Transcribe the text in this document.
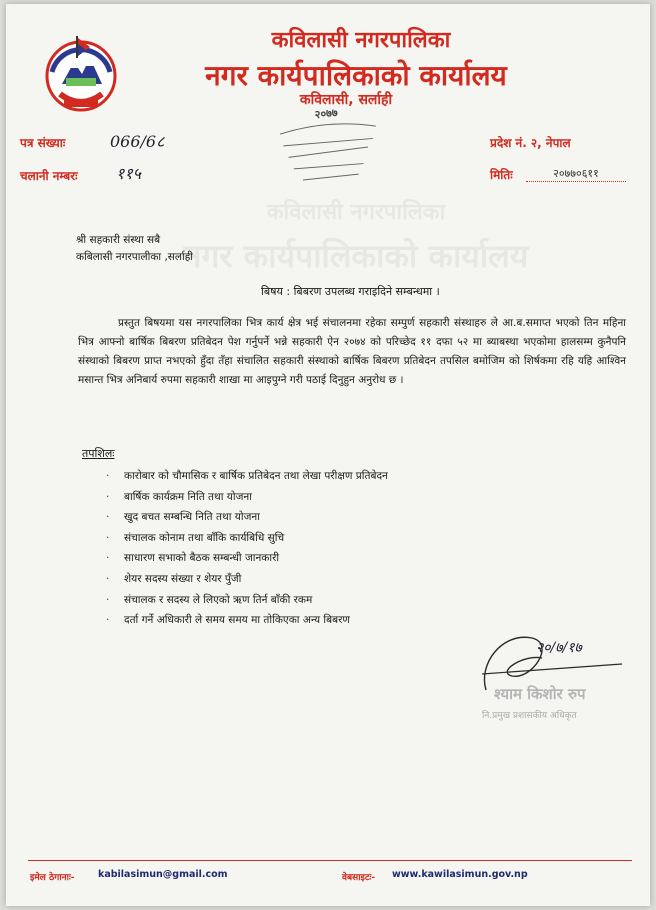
कविलासी नगरपालिका
नगर कार्यपालिकाको कार्यालय
कविलासी नगरपालिका
नगर कार्यपालिकाको कार्यालय
कविलासी, सर्लाही
२०७७
पत्र संख्याः	066/6८
चलानी नम्बरः ११५
प्रदेश नं. २, नेपाल
मितिः	२०७७०६११
श्री सहकारी संस्था सबै
कबिलासी नगरपालीका ,सर्लाही
बिषय : बिबरण उपलब्ध गराइदिने सम्बन्धमा ।
प्रस्तुत बिषयमा यस नगरपालिका भित्र कार्य क्षेत्र भई संचालनमा रहेका सम्पुर्ण सहकारी संस्थाहरु ले आ.ब.समाप्त भएको तिन महिना भित्र आफ्नो बार्षिक बिबरण प्रतिबेदन पेश गर्नुपर्ने भन्ने सहकारी ऐन २०७४ को परिच्छेद ११ दफा ५२ मा ब्याबस्था भएकोमा हालसम्म कुनैपनि संस्थाको बिबरण प्राप्त नभएको हुँदा तँहा संचालित सहकारी संस्थाको बार्षिक बिबरण प्रतिबेदन तपसिल बमोजिम को शिर्षकमा रहि यहि आश्विन मसान्त भित्र अनिबार्य रुपमा सहकारी शाखा मा आइपुग्ने गरी पठाई दिनुहुन अनुरोध छ ।
तपशिलः
· कारोबार को चौमासिक र बार्षिक प्रतिबेदन तथा लेखा परीक्षण प्रतिबेदन
· बार्षिक कार्यक्रम निति तथा योजना
· खुद बचत सम्बन्धि निति तथा योजना
· संचालक कोनाम तथा बाँकि कार्यबिधि सुचि
· साधारण सभाको बैठक सम्बन्धी जानकारी
· शेयर सदस्य संख्या र शेयर पुँजी
· संचालक र सदस्य ले लिएको ऋण तिर्न बाँकी रकम
· दर्ता गर्ने अधिकारी ले समय समय मा तोकिएका अन्य बिबरण
२०/७/१७
श्याम किशोर रुप
नि.प्रमुख प्रशासकीय अधिकृत
इमेल ठेगानाः- kabilasimun@gmail.com	वेबसाइटः- www.kawilasimun.gov.np
